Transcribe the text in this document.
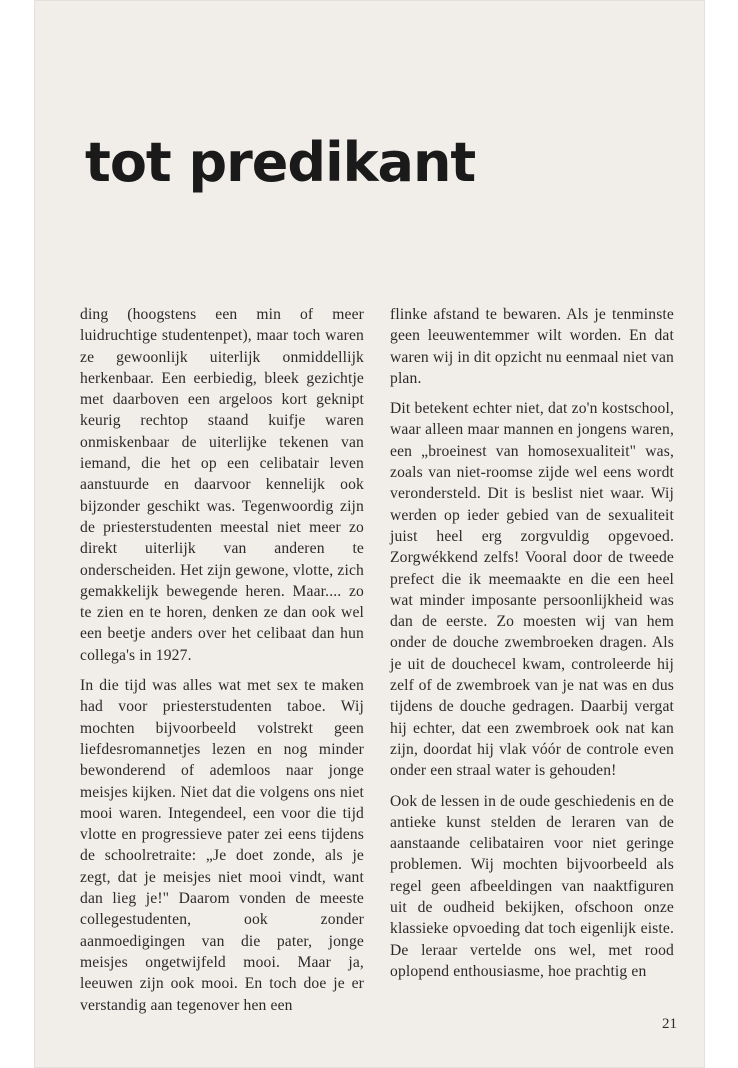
tot predikant

ding (hoogstens een min of meer luidruchtige studentenpet), maar toch waren ze gewoonlijk uiterlijk onmiddellijk herkenbaar. Een eerbiedig, bleek gezichtje met daarboven een argeloos kort geknipt keurig rechtop staand kuifje waren onmiskenbaar de uiterlijke tekenen van iemand, die het op een celibatair leven aanstuurde en daarvoor kennelijk ook bijzonder geschikt was. Tegenwoordig zijn de priesterstudenten meestal niet meer zo direkt uiterlijk van anderen te onderscheiden. Het zijn gewone, vlotte, zich gemakkelijk bewegende heren. Maar.... zo te zien en te horen, denken ze dan ook wel een beetje anders over het celibaat dan hun collega's in 1927.

In die tijd was alles wat met sex te maken had voor priesterstudenten taboe. Wij mochten bijvoorbeeld volstrekt geen liefdesromannetjes lezen en nog minder bewonderend of ademloos naar jonge meisjes kijken. Niet dat die volgens ons niet mooi waren. Integendeel, een voor die tijd vlotte en progressieve pater zei eens tijdens de schoolretraite: „Je doet zonde, als je zegt, dat je meisjes niet mooi vindt, want dan lieg je!" Daarom vonden de meeste collegestudenten, ook zonder aanmoedigingen van die pater, jonge meisjes ongetwijfeld mooi. Maar ja, leeuwen zijn ook mooi. En toch doe je er verstandig aan tegenover hen een

flinke afstand te bewaren. Als je tenminste geen leeuwentemmer wilt worden. En dat waren wij in dit opzicht nu eenmaal niet van plan.

Dit betekent echter niet, dat zo'n kostschool, waar alleen maar mannen en jongens waren, een „broeinest van homosexualiteit" was, zoals van niet-roomse zijde wel eens wordt verondersteld. Dit is beslist niet waar. Wij werden op ieder gebied van de sexualiteit juist heel erg zorgvuldig opgevoed. Zorgwékkend zelfs! Vooral door de tweede prefect die ik meemaakte en die een heel wat minder imposante persoonlijkheid was dan de eerste. Zo moesten wij van hem onder de douche zwembroeken dragen. Als je uit de douchecel kwam, controleerde hij zelf of de zwembroek van je nat was en dus tijdens de douche gedragen. Daarbij vergat hij echter, dat een zwembroek ook nat kan zijn, doordat hij vlak vóór de controle even onder een straal water is gehouden!

Ook de lessen in de oude geschiedenis en de antieke kunst stelden de leraren van de aanstaande celibatairen voor niet geringe problemen. Wij mochten bijvoorbeeld als regel geen afbeeldingen van naaktfiguren uit de oudheid bekijken, ofschoon onze klassieke opvoeding dat toch eigenlijk eiste. De leraar vertelde ons wel, met rood oplopend enthousiasme, hoe prachtig en

21
